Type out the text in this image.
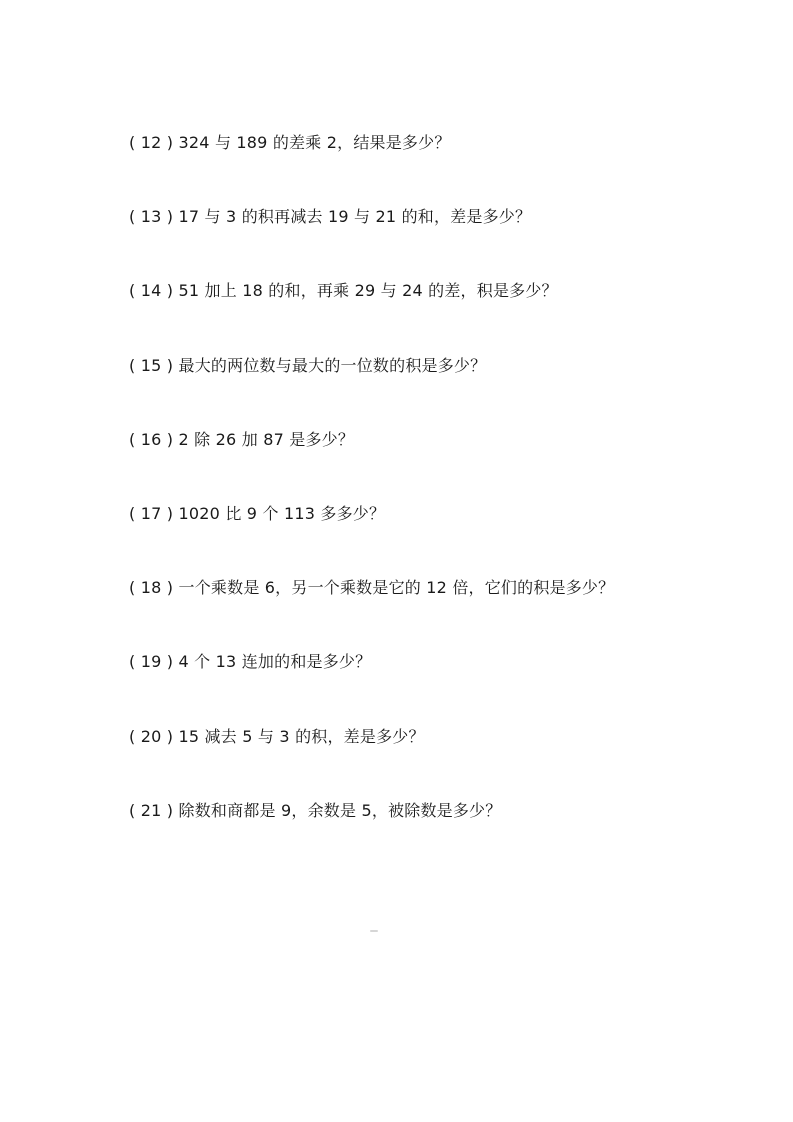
( 12 ) 324 与 189 的差乘 2，结果是多少？
( 13 ) 17 与 3 的积再减去 19 与 21 的和，差是多少？
( 14 ) 51 加上 18 的和，再乘 29 与 24 的差，积是多少？
( 15 ) 最大的两位数与最大的一位数的积是多少？
( 16 ) 2 除 26 加 87 是多少？
( 17 ) 1020 比 9 个 113 多多少？
( 18 ) 一个乘数是 6，另一个乘数是它的 12 倍，它们的积是多少？
( 19 ) 4 个 13 连加的和是多少？
( 20 ) 15 减去 5 与 3 的积，差是多少？
( 21 ) 除数和商都是 9，余数是 5，被除数是多少？
